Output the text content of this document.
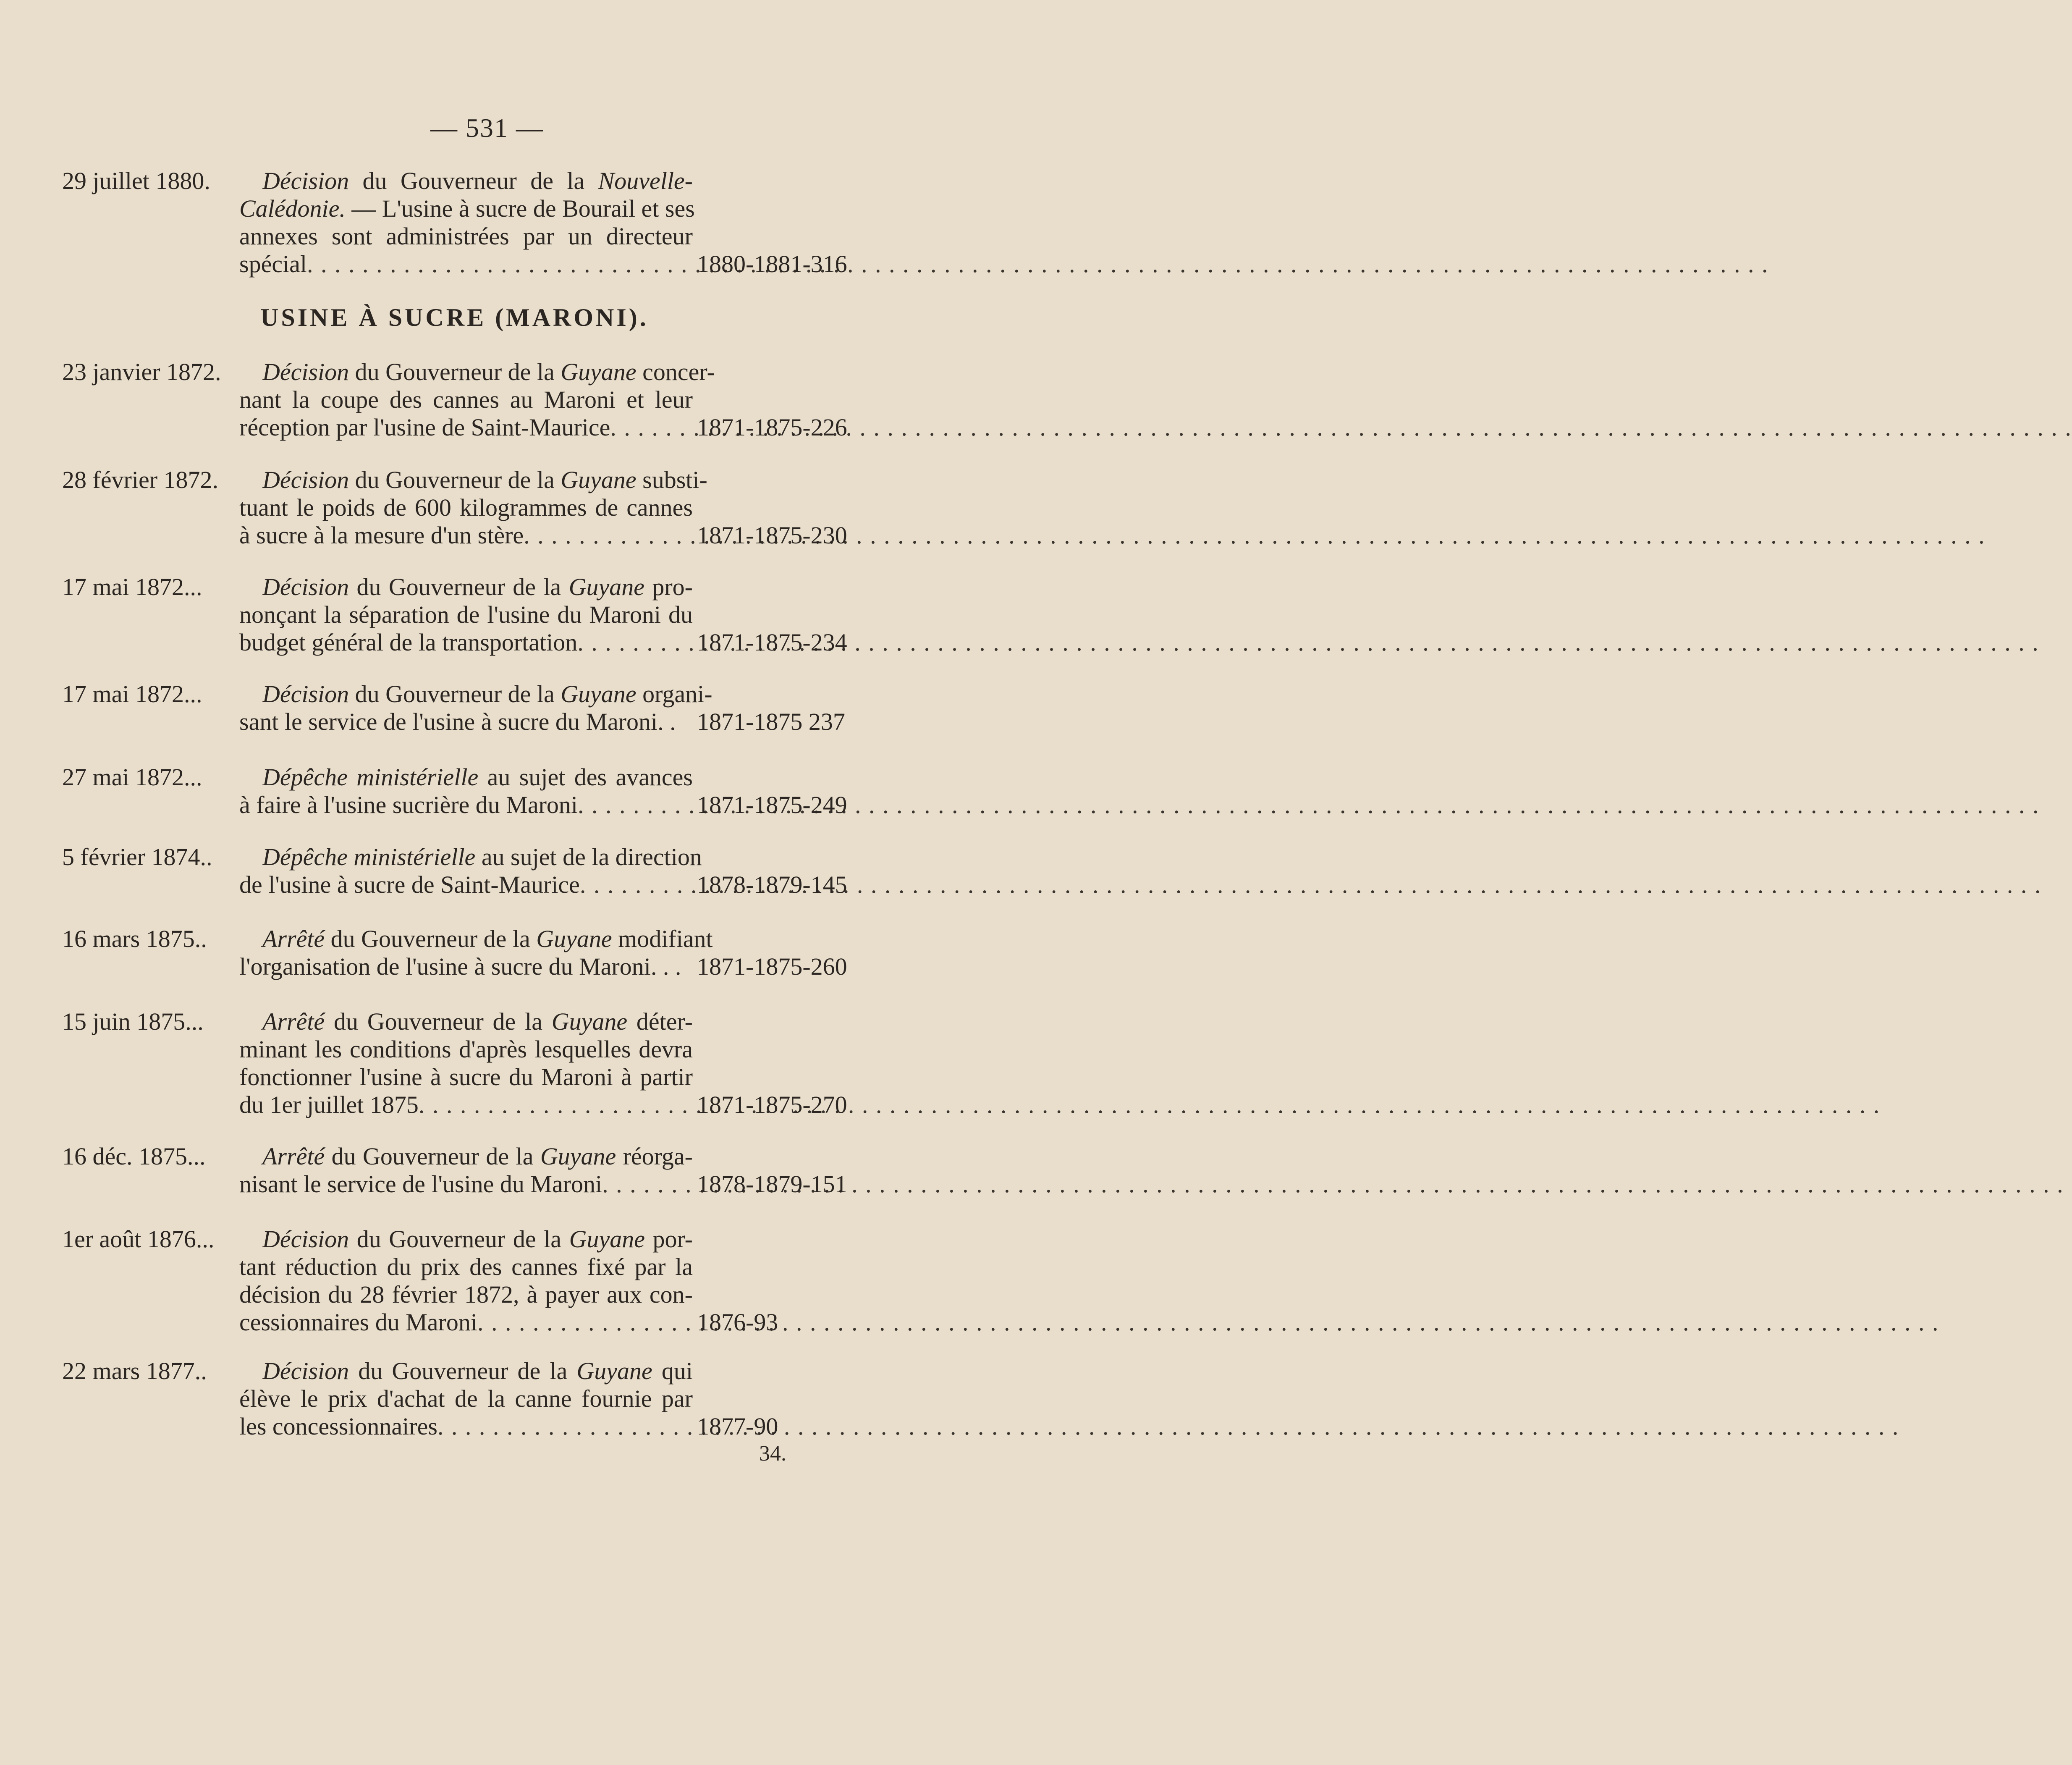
— 531 —
29 juillet 1880.	Décision du Gouverneur de la Nouvelle-
Calédonie. — L'usine à sucre de Bourail et ses
annexes sont administrées par un directeur
spécial . . .	1880-1881-316
USINE À SUCRE (MARONI).
23 janvier 1872.	Décision du Gouverneur de la Guyane concer-
nant la coupe des cannes au Maroni et leur
réception par l'usine de Saint-Maurice . . .	1871-1875-226
28 février 1872.	Décision du Gouverneur de la Guyane substi-
tuant le poids de 600 kilogrammes de cannes
à sucre à la mesure d'un stère . . .	1871-1875-230
17 mai 1872...	Décision du Gouverneur de la Guyane pro-
nonçant la séparation de l'usine du Maroni du
budget général de la transportation . . .	1871-1875-234
17 mai 1872...	Décision du Gouverneur de la Guyane organi-
sant le service de l'usine à sucre du Maroni. . 1871-1875 237
27 mai 1872...	Dépêche ministérielle au sujet des avances
à faire à l'usine sucrière du Maroni . . .	1871-1875-249
5 février 1874..	Dépêche ministérielle au sujet de la direction
de l'usine à sucre de Saint-Maurice . . .	1878-1879-145
16 mars 1875..	Arrêté du Gouverneur de la Guyane modifiant
l'organisation de l'usine à sucre du Maroni. . . 1871-1875-260
15 juin 1875...	Arrêté du Gouverneur de la Guyane déter-
minant les conditions d'après lesquelles devra
fonctionner l'usine à sucre du Maroni à partir
du 1er juillet 1875 . . .	1871-1875-270
16 déc. 1875...	Arrêté du Gouverneur de la Guyane réorga-
nisant le service de l'usine du Maroni . . .	1878-1879-151
1er août 1876...	Décision du Gouverneur de la Guyane por-
tant réduction du prix des cannes fixé par la
décision du 28 février 1872, à payer aux con-
cessionnaires du Maroni . . .	1876-93
22 mars 1877..	Décision du Gouverneur de la Guyane qui
élève le prix d'achat de la canne fournie par
les concessionnaires . . .	1877-90
34.
